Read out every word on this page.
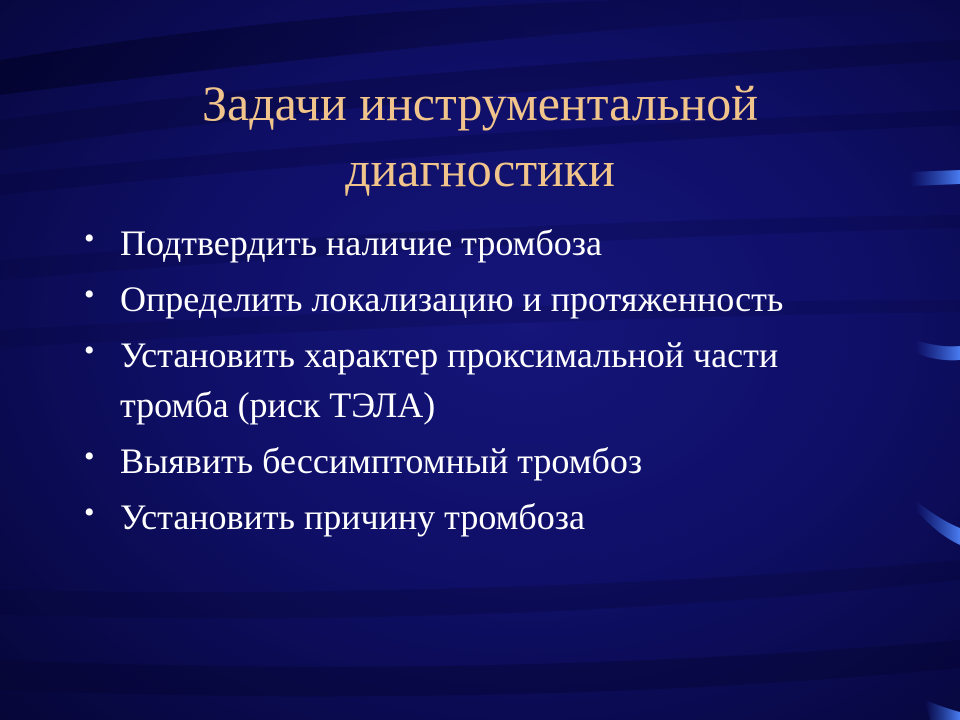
Задачи инструментальной
диагностики
• Подтвердить наличие тромбоза
• Определить локализацию и протяженность
• Установить характер проксимальной части тромба (риск ТЭЛА)
• Выявить бессимптомный тромбоз
• Установить причину тромбоза
